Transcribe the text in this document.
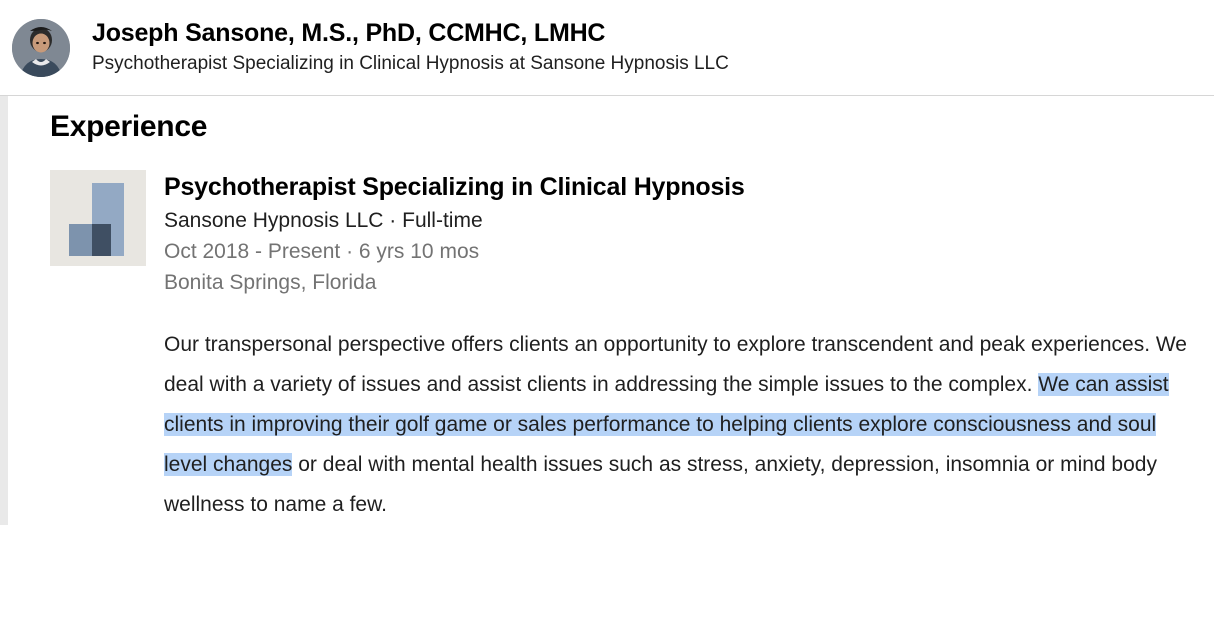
Joseph Sansone, M.S., PhD, CCMHC, LMHC
Psychotherapist Specializing in Clinical Hypnosis at Sansone Hypnosis LLC
Experience
Psychotherapist Specializing in Clinical Hypnosis
Sansone Hypnosis LLC · Full-time
Oct 2018 - Present · 6 yrs 10 mos
Bonita Springs, Florida
Our transpersonal perspective offers clients an opportunity to explore transcendent and peak experiences. We deal with a variety of issues and assist clients in addressing the simple issues to the complex. We can assist clients in improving their golf game or sales performance to helping clients explore consciousness and soul level changes or deal with mental health issues such as stress, anxiety, depression, insomnia or mind body wellness to name a few.
